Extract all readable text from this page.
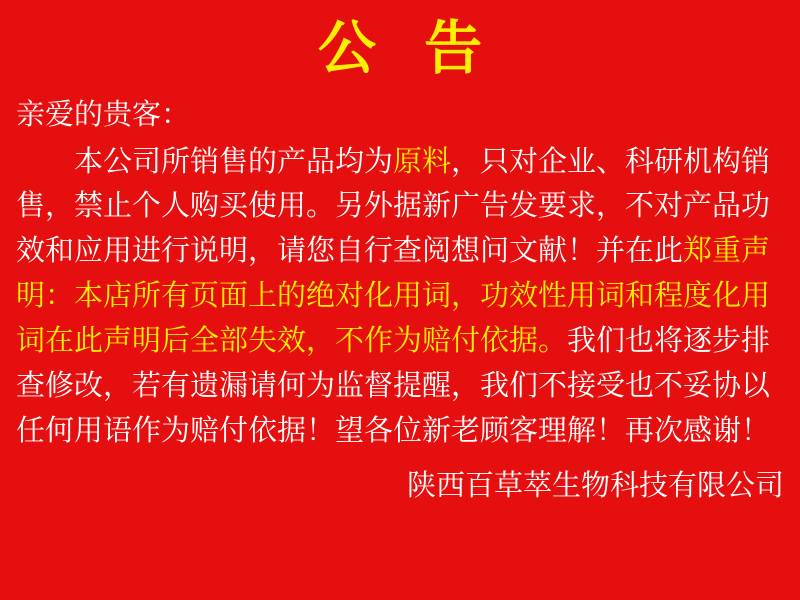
公 告

亲爱的贵客：

本公司所销售的产品均为原料，只对企业、科研机构销售，禁止个人购买使用。另外据新广告发要求，不对产品功效和应用进行说明，请您自行查阅想问文献！并在此郑重声明：本店所有页面上的绝对化用词，功效性用词和程度化用词在此声明后全部失效，不作为赔付依据。我们也将逐步排查修改，若有遗漏请何为监督提醒，我们不接受也不妥协以任何用语作为赔付依据！望各位新老顾客理解！再次感谢！

陕西百草萃生物科技有限公司
